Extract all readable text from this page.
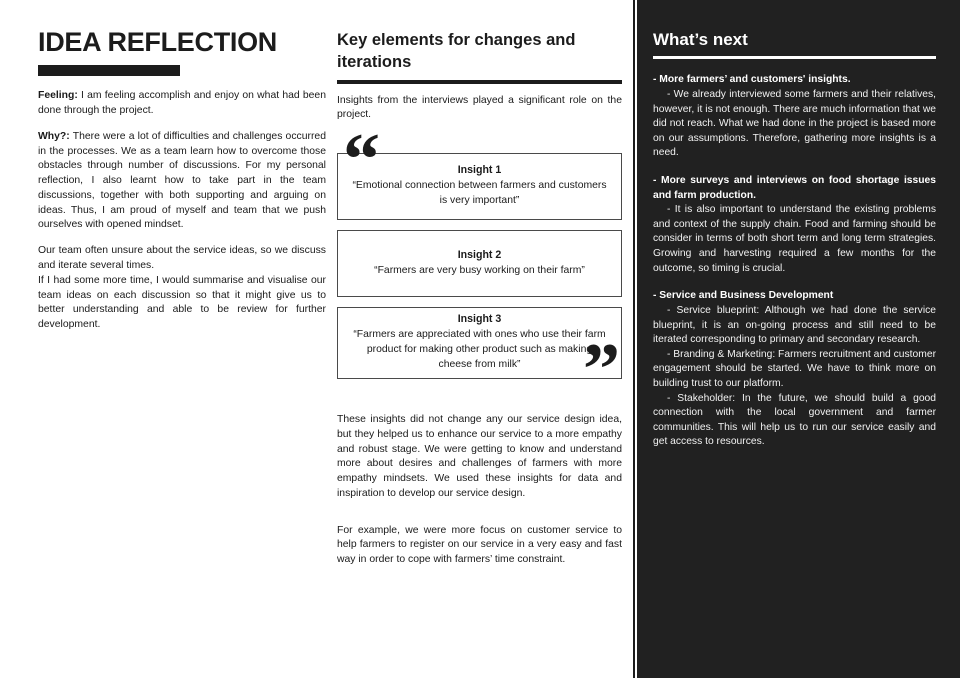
IDEA REFLECTION

Feeling: I am feeling accomplish and enjoy on what had been done through the project.

Why?: There were a lot of difficulties and challenges occurred in the processes. We as a team learn how to overcome those obstacles through number of discussions. For my personal reflection, I also learnt how to take part in the team discussions, together with both supporting and arguing on ideas. Thus, I am proud of myself and team that we push ourselves with opened mindset.

Our team often unsure about the service ideas, so we discuss and iterate several times.

If I had some more time, I would summarise and visualise our team ideas on each discussion so that it might give us to better understanding and able to be review for further development.

Key elements for changes and iterations

Insights from the interviews played a significant role on the project.

“	Insight 1
“Emotional connection between farmers and customers is very important”
Insight 2
“Farmers are very busy working on their farm”
Insight 3
“Farmers are appreciated with ones who use their farm product for making other product such as making cheese from milk” ”

These insights did not change any our service design idea, but they helped us to enhance our service to a more empathy and robust stage. We were getting to know and understand more about desires and challenges of farmers with more empathy mindsets. We used these insights for data and inspiration to develop our service design.

For example, we were more focus on customer service to help farmers to register on our service in a very easy and fast way in order to cope with farmers’ time constraint.

What’s next

- More farmers’ and customers' insights.

- We already interviewed some farmers and their relatives, however, it is not enough. There are much information that we did not reach. What we had done in the project is based more on our assumptions. Therefore, gathering more insights is a need.

- More surveys and interviews on food shortage issues and farm production.

- It is also important to understand the existing problems and context of the supply chain. Food and farming should be consider in terms of both short term and long term strategies. Growing and harvesting required a few months for the outcome, so timing is crucial.

- Service and Business Development

- Service blueprint: Although we had done the service blueprint, it is an on-going process and still need to be iterated corresponding to primary and secondary research.

- Branding & Marketing: Farmers recruitment and customer engagement should be started. We have to think more on building trust to our platform.

- Stakeholder: In the future, we should build a good connection with the local government and farmer communities. This will help us to run our service easily and get access to resources.
